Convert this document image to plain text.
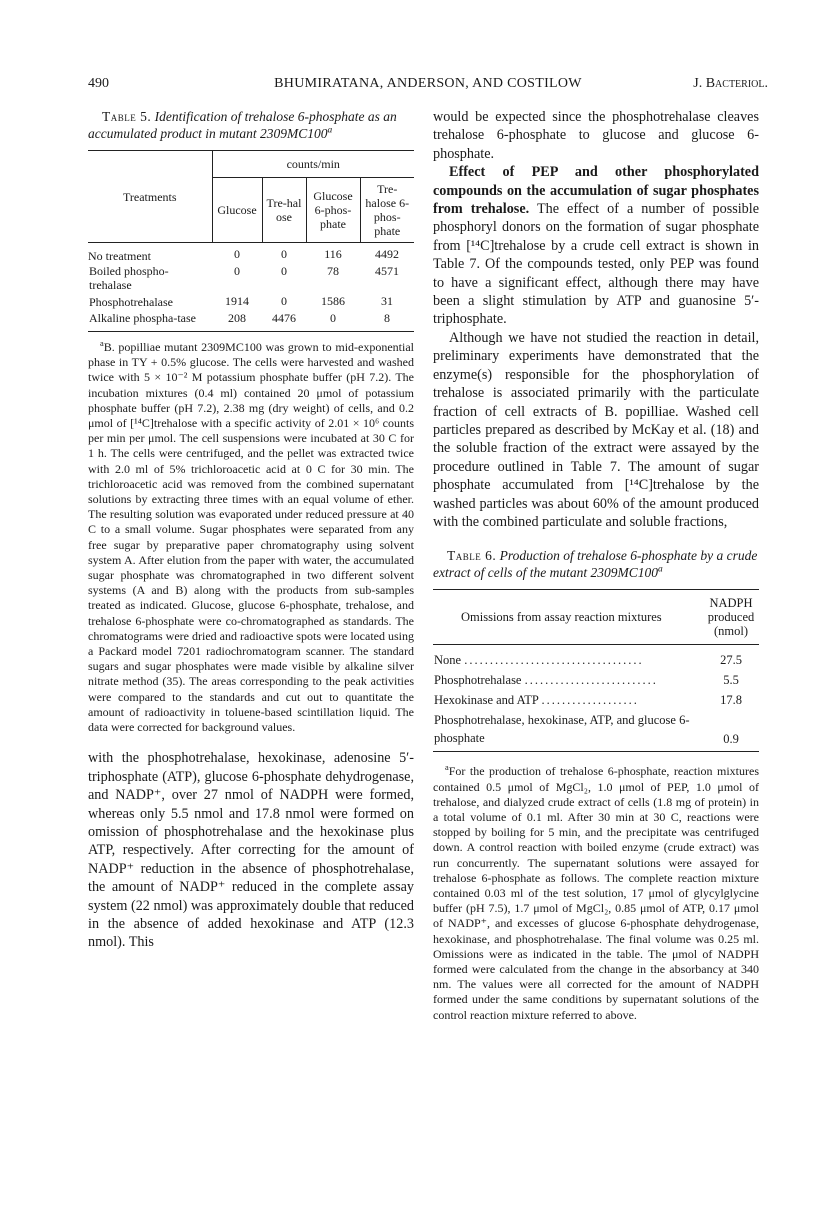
490	BHUMIRATANA, ANDERSON, AND COSTILOW	J. Bacteriol.
Table 5. Identification of trehalose 6-phosphate as an accumulated product in mutant 2309MC100$^a$
Treatments	counts/min			
	Glucose	Tre-halose	Glucose 6-phos-phate	Tre-halose 6-phos-phate
No treatment	0	0	116	4492
Boiled phospho-trehalase	0	0	78	4571
Phosphotrehalase	1914	0	1586	31
Alkaline phospha-tase	208	4476	0	8

$^a$B. popilliae mutant 2309MC100 was grown to mid-exponential phase in TY + 0.5% glucose. The cells were harvested and washed twice with 5 × 10⁻² M potassium phosphate buffer (pH 7.2). The incubation mixtures (0.4 ml) contained 20 μmol of potassium phosphate buffer (pH 7.2), 2.38 mg (dry weight) of cells, and 0.2 μmol of [¹⁴C]trehalose with a specific activity of 2.01 × 10⁶ counts per min per μmol. The cell suspensions were incubated at 30 C for 1 h. The cells were centrifuged, and the pellet was extracted twice with 2.0 ml of 5% trichloroacetic acid at 0 C for 30 min. The trichloroacetic acid was removed from the combined supernatant solutions by extracting three times with an equal volume of ether. The resulting solution was evaporated under reduced pressure at 40 C to a small volume. Sugar phosphates were separated from any free sugar by preparative paper chromatography using solvent system A. After elution from the paper with water, the accumulated sugar phosphate was chromatographed in two different solvent systems (A and B) along with the products from sub-samples treated as indicated. Glucose, glucose 6-phosphate, trehalose, and trehalose 6-phosphate were co-chromatographed as standards. The chromatograms were dried and radioactive spots were located using a Packard model 7201 radiochromatogram scanner. The standard sugars and sugar phosphates were made visible by alkaline silver nitrate method (35). The areas corresponding to the peak activities were compared to the standards and cut out to quantitate the amount of radioactivity in toluene-based scintillation liquid. The data were corrected for background values.

with the phosphotrehalase, hexokinase, adenosine 5′-triphosphate (ATP), glucose 6-phosphate dehydrogenase, and NADP⁺, over 27 nmol of NADPH were formed, whereas only 5.5 nmol and 17.8 nmol were formed on omission of phosphotrehalase and the hexokinase plus ATP, respectively. After correcting for the amount of NADP⁺ reduction in the absence of phosphotrehalase, the amount of NADP⁺ reduced in the complete assay system (22 nmol) was approximately double that reduced in the absence of added hexokinase and ATP (12.3 nmol). This

would be expected since the phosphotrehalase cleaves trehalose 6-phosphate to glucose and glucose 6-phosphate.

Effect of PEP and other phosphorylated compounds on the accumulation of sugar phosphates from trehalose. The effect of a number of possible phosphoryl donors on the formation of sugar phosphate from [¹⁴C]trehalose by a crude cell extract is shown in Table 7. Of the compounds tested, only PEP was found to have a significant effect, although there may have been a slight stimulation by ATP and guanosine 5′-triphosphate.

Although we have not studied the reaction in detail, preliminary experiments have demonstrated that the enzyme(s) responsible for the phosphorylation of trehalose is associated primarily with the particulate fraction of cell extracts of B. popilliae. Washed cell particles prepared as described by McKay et al. (18) and the soluble fraction of the extract were assayed by the procedure outlined in Table 7. The amount of sugar phosphate accumulated from [¹⁴C]trehalose by the washed particles was about 60% of the amount produced with the combined particulate and soluble fractions,

Table 6. Production of trehalose 6-phosphate by a crude extract of cells of the mutant 2309MC100$^a$
Omissions from assay reaction mixtures	NADPH produced (nmol)
None ...................................	27.5
Phosphotrehalase ..........................	5.5
Hexokinase and ATP ...................	17.8
Phosphotrehalase, hexokinase, ATP, and glucose 6-phosphate	0.9

$^a$For the production of trehalose 6-phosphate, reaction mixtures contained 0.5 μmol of MgCl₂, 1.0 μmol of PEP, 1.0 μmol of trehalose, and dialyzed crude extract of cells (1.8 mg of protein) in a total volume of 0.1 ml. After 30 min at 30 C, reactions were stopped by boiling for 5 min, and the precipitate was centrifuged down. A control reaction with boiled enzyme (crude extract) was run concurrently. The supernatant solutions were assayed for trehalose 6-phosphate as follows. The complete reaction mixture contained 0.03 ml of the test solution, 17 μmol of glycylglycine buffer (pH 7.5), 1.7 μmol of MgCl₂, 0.85 μmol of ATP, 0.17 μmol of NADP⁺, and excesses of glucose 6-phosphate dehydrogenase, hexokinase, and phosphotrehalase. The final volume was 0.25 ml. Omissions were as indicated in the table. The μmol of NADPH formed were calculated from the change in the absorbancy at 340 nm. The values were all corrected for the amount of NADPH formed under the same conditions by supernatant solutions of the control reaction mixture referred to above.
